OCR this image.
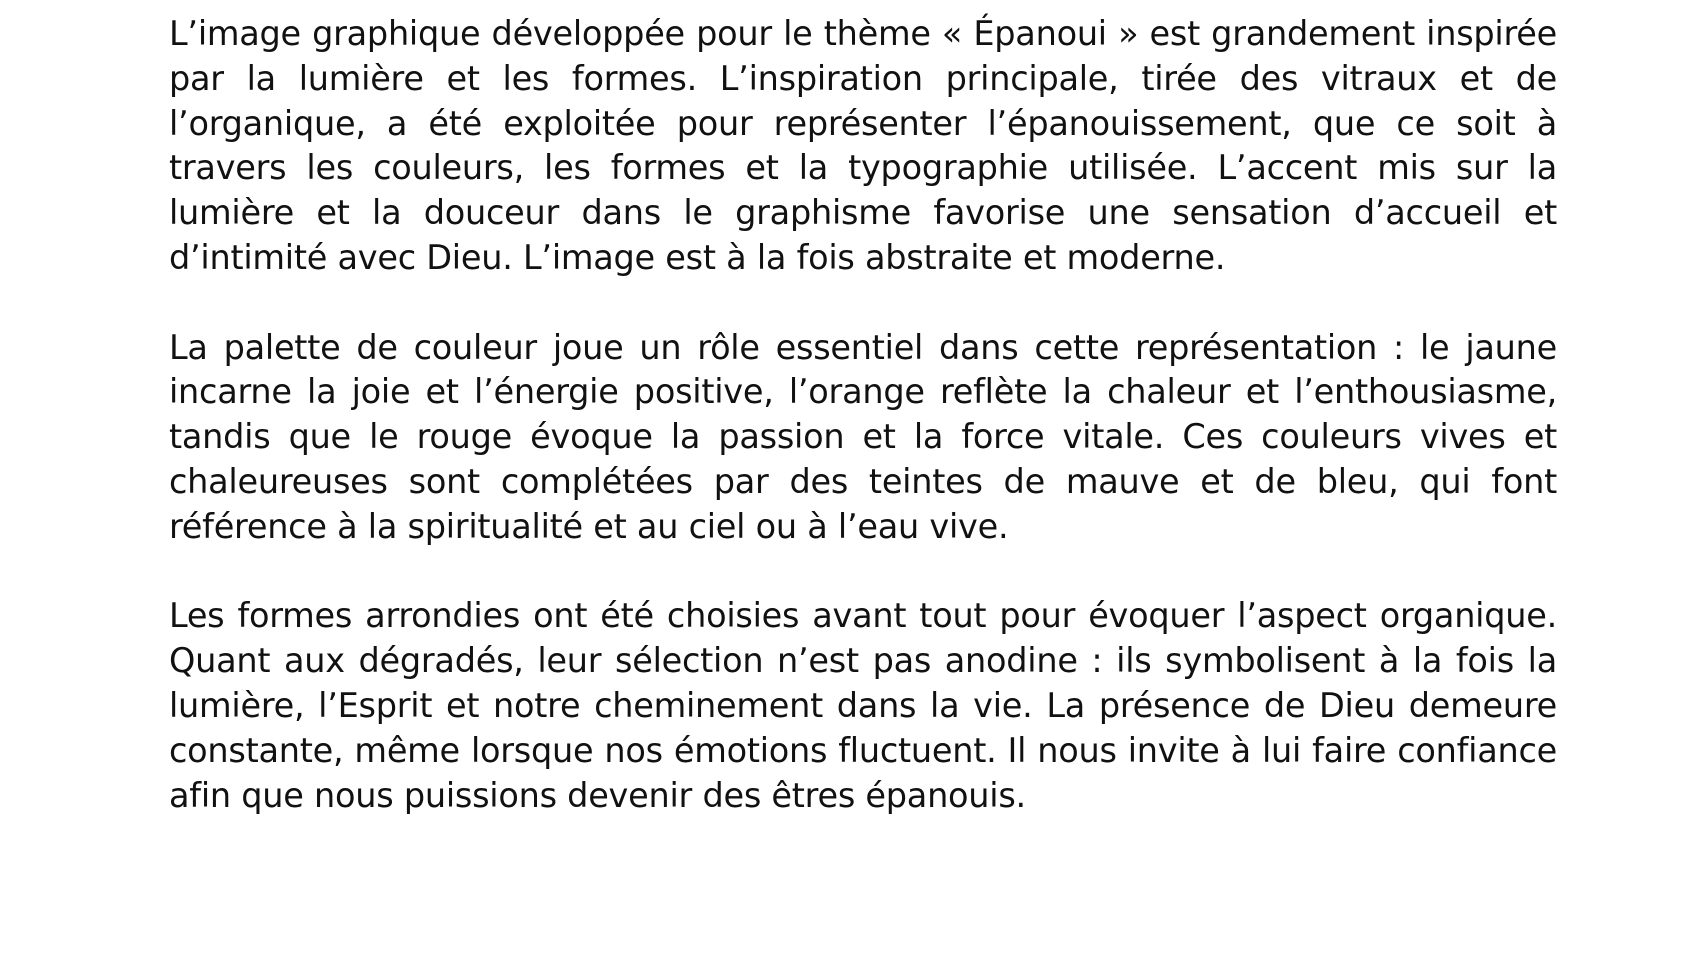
L’image graphique développée pour le thème « Épanoui » est grandement inspirée par la lumière et les formes. L’inspiration principale, tirée des vitraux et de l’organique, a été exploitée pour représenter l’épanouissement, que ce soit à travers les couleurs, les formes et la typographie utilisée. L’accent mis sur la lumière et la douceur dans le graphisme favorise une sensation d’accueil et d’intimité avec Dieu. L’image est à la fois abstraite et moderne.

La palette de couleur joue un rôle essentiel dans cette représentation : le jaune incarne la joie et l’énergie positive, l’orange reflète la chaleur et l’enthousiasme, tandis que le rouge évoque la passion et la force vitale. Ces couleurs vives et chaleureuses sont complétées par des teintes de mauve et de bleu, qui font référence à la spiritualité et au ciel ou à l’eau vive.

Les formes arrondies ont été choisies avant tout pour évoquer l’aspect organique. Quant aux dégradés, leur sélection n’est pas anodine : ils symbolisent à la fois la lumière, l’Esprit et notre cheminement dans la vie. La présence de Dieu demeure constante, même lorsque nos émotions fluctuent. Il nous invite à lui faire confiance afin que nous puissions devenir des êtres épanouis.
